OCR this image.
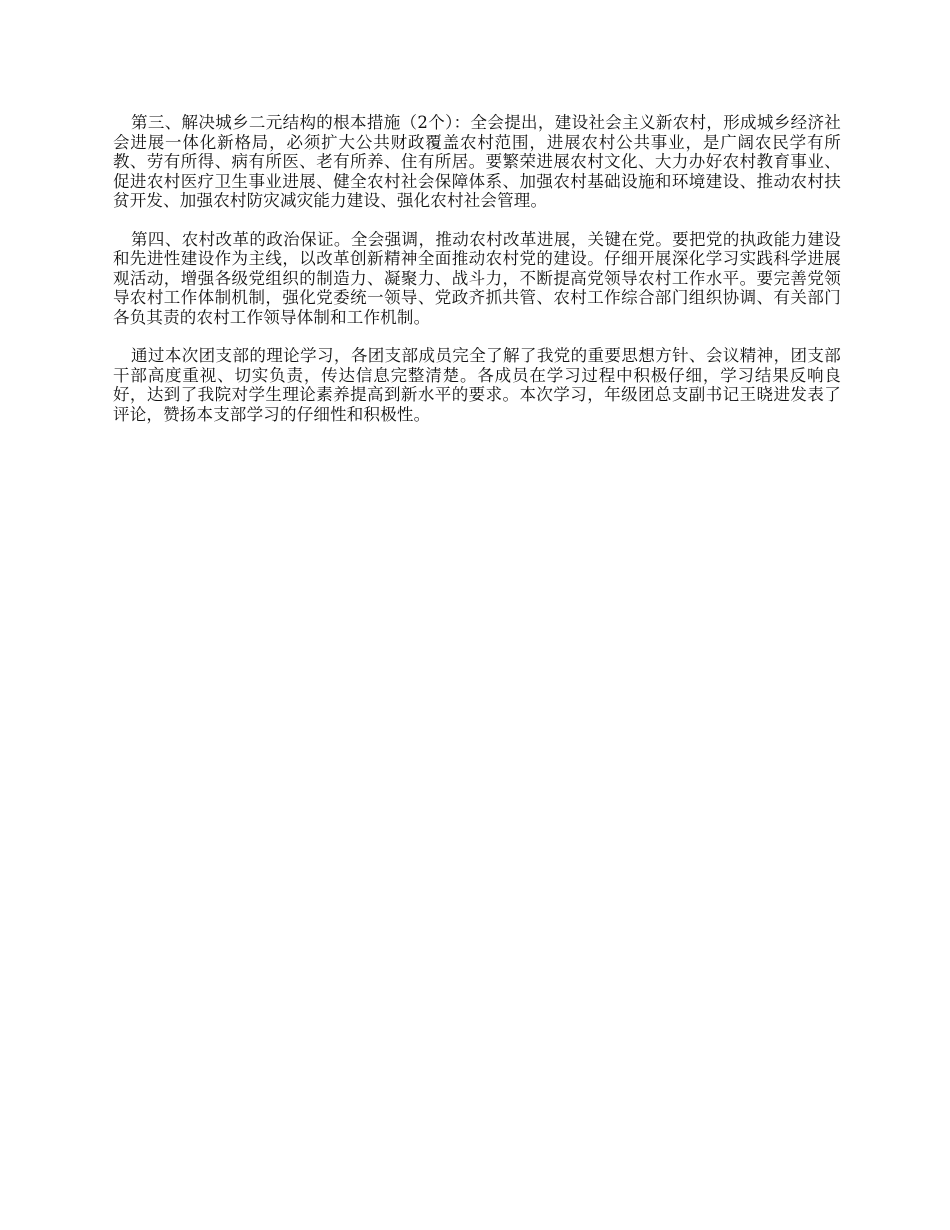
第三、解决城乡二元结构的根本措施（2个）：全会提出，建设社会主义新农村，形成城乡经济社会进展一体化新格局，必须扩大公共财政覆盖农村范围，进展农村公共事业，是广阔农民学有所教、劳有所得、病有所医、老有所养、住有所居。要繁荣进展农村文化、大力办好农村教育事业、促进农村医疗卫生事业进展、健全农村社会保障体系、加强农村基础设施和环境建设、推动农村扶贫开发、加强农村防灾减灾能力建设、强化农村社会管理。

第四、农村改革的政治保证。全会强调，推动农村改革进展，关键在党。要把党的执政能力建设和先进性建设作为主线，以改革创新精神全面推动农村党的建设。仔细开展深化学习实践科学进展观活动，增强各级党组织的制造力、凝聚力、战斗力，不断提高党领导农村工作水平。要完善党领导农村工作体制机制，强化党委统一领导、党政齐抓共管、农村工作综合部门组织协调、有关部门各负其责的农村工作领导体制和工作机制。

通过本次团支部的理论学习，各团支部成员完全了解了我党的重要思想方针、会议精神，团支部干部高度重视、切实负责，传达信息完整清楚。各成员在学习过程中积极仔细，学习结果反响良好，达到了我院对学生理论素养提高到新水平的要求。本次学习，年级团总支副书记王晓进发表了评论，赞扬本支部学习的仔细性和积极性。
